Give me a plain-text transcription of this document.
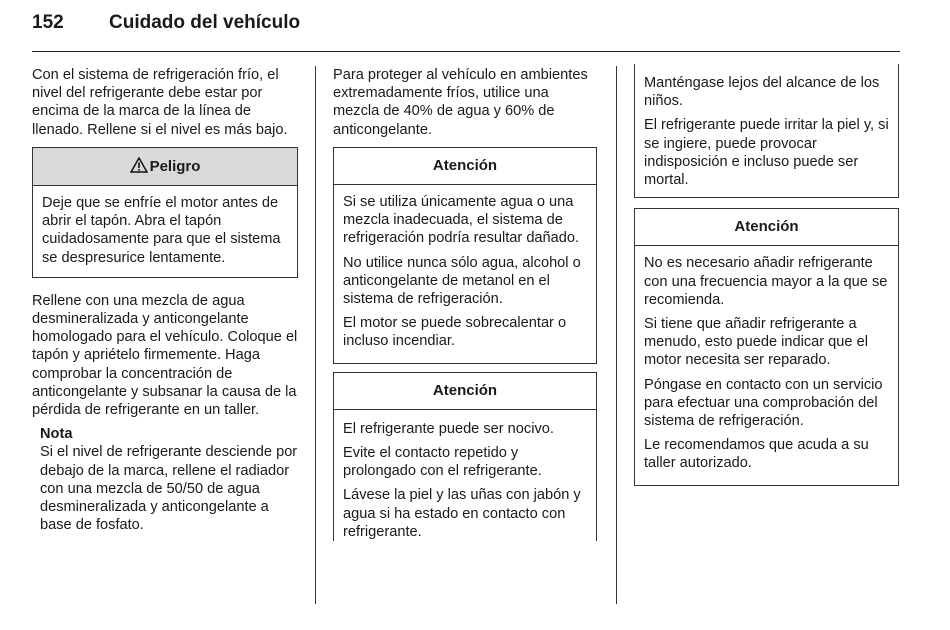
152 Cuidado del vehículo

Con el sistema de refrigeración frío, el nivel del refrigerante debe estar por encima de la marca de la línea de llenado. Rellene si el nivel es más bajo.

Peligro

Deje que se enfríe el motor antes de abrir el tapón. Abra el tapón cuidadosamente para que el sistema se despresurice lentamente.

Rellene con una mezcla de agua desmineralizada y anticongelante homologado para el vehículo. Coloque el tapón y apriételo firmemente. Haga comprobar la concentración de anticongelante y subsanar la causa de la pérdida de refrigerante en un taller.

Nota
Si el nivel de refrigerante desciende por debajo de la marca, rellene el radiador con una mezcla de 50/50 de agua desmineralizada y anticongelante a base de fosfato.

Para proteger al vehículo en ambientes extremadamente fríos, utilice una mezcla de 40% de agua y 60% de anticongelante.

Atención

Si se utiliza únicamente agua o una mezcla inadecuada, el sistema de refrigeración podría resultar dañado.

No utilice nunca sólo agua, alcohol o anticongelante de metanol en el sistema de refrigeración.

El motor se puede sobrecalentar o incluso incendiar.

Atención

El refrigerante puede ser nocivo.

Evite el contacto repetido y prolongado con el refrigerante.

Lávese la piel y las uñas con jabón y agua si ha estado en contacto con refrigerante.

Manténgase lejos del alcance de los niños.

El refrigerante puede irritar la piel y, si se ingiere, puede provocar indisposición e incluso puede ser mortal.

Atención

No es necesario añadir refrigerante con una frecuencia mayor a la que se recomienda.

Si tiene que añadir refrigerante a menudo, esto puede indicar que el motor necesita ser reparado.

Póngase en contacto con un servicio para efectuar una comprobación del sistema de refrigeración.

Le recomendamos que acuda a su taller autorizado.
